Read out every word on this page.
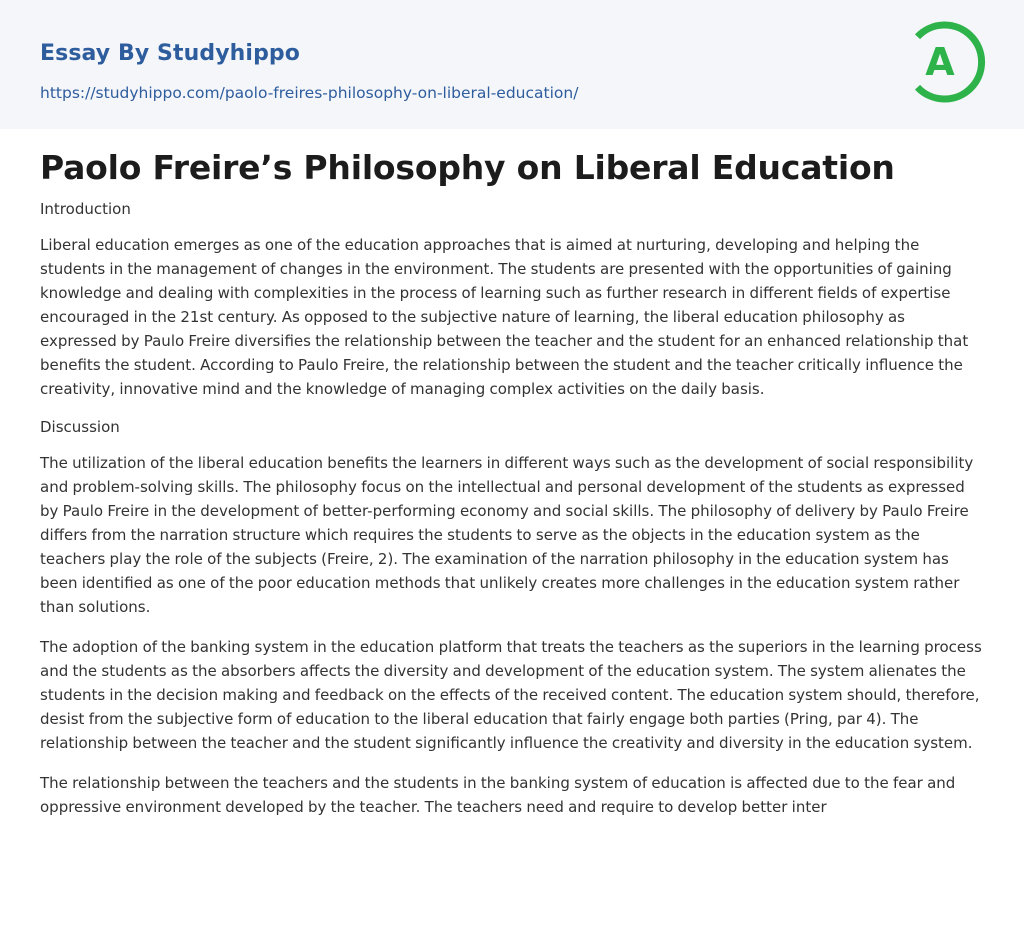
Essay By Studyhippo
https://studyhippo.com/paolo-freires-philosophy-on-liberal-education/
A
Paolo Freire’s Philosophy on Liberal Education

Introduction

Liberal education emerges as one of the education approaches that is aimed at nurturing, developing and helping the students in the management of changes in the environment. The students are presented with the opportunities of gaining knowledge and dealing with complexities in the process of learning such as further research in different fields of expertise encouraged in the 21st century. As opposed to the subjective nature of learning, the liberal education philosophy as expressed by Paulo Freire diversifies the relationship between the teacher and the student for an enhanced relationship that benefits the student. According to Paulo Freire, the relationship between the student and the teacher critically influence the creativity, innovative mind and the knowledge of managing complex activities on the daily basis.

Discussion

The utilization of the liberal education benefits the learners in different ways such as the development of social responsibility and problem-solving skills. The philosophy focus on the intellectual and personal development of the students as expressed by Paulo Freire in the development of better-performing economy and social skills. The philosophy of delivery by Paulo Freire differs from the narration structure which requires the students to serve as the objects in the education system as the teachers play the role of the subjects (Freire, 2). The examination of the narration philosophy in the education system has been identified as one of the poor education methods that unlikely creates more challenges in the education system rather than solutions.

The adoption of the banking system in the education platform that treats the teachers as the superiors in the learning process and the students as the absorbers affects the diversity and development of the education system. The system alienates the students in the decision making and feedback on the effects of the received content. The education system should, therefore, desist from the subjective form of education to the liberal education that fairly engage both parties (Pring, par 4). The relationship between the teacher and the student significantly influence the creativity and diversity in the education system.

The relationship between the teachers and the students in the banking system of education is affected due to the fear and oppressive environment developed by the teacher. The teachers need and require to develop better inter
